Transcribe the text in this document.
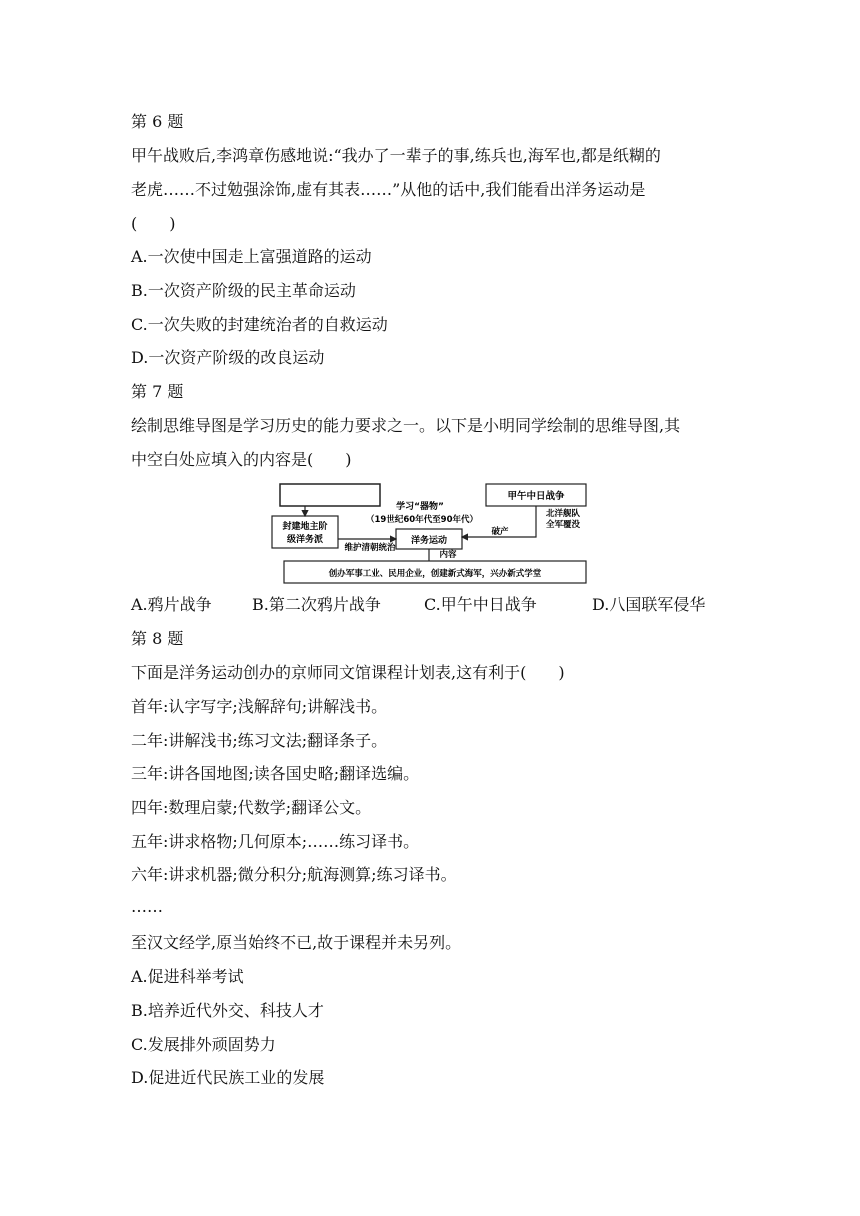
第 6 题
甲午战败后,李鸿章伤感地说:“我办了一辈子的事,练兵也,海军也,都是纸糊的
老虎……不过勉强涂饰,虚有其表……”从他的话中,我们能看出洋务运动是
(　　)
A.一次使中国走上富强道路的运动
B.一次资产阶级的民主革命运动
C.一次失败的封建统治者的自救运动
D.一次资产阶级的改良运动
第 7 题
绘制思维导图是学习历史的能力要求之一。以下是小明同学绘制的思维导图,其
中空白处应填入的内容是(　　)
封建地主阶
级洋务派
学习“器物”
（19世纪60年代至90年代）
甲午中日战争
北洋舰队
全军覆没
洋务运动
维护清朝统治
破产
内容
创办军事工业、民用企业，创建新式海军，兴办新式学堂
A.鸦片战争	B.第二次鸦片战争	C.甲午中日战争	D.八国联军侵华
第 8 题
下面是洋务运动创办的京师同文馆课程计划表,这有利于(　　)
首年:认字写字;浅解辞句;讲解浅书。
二年:讲解浅书;练习文法;翻译条子。
三年:讲各国地图;读各国史略;翻译选编。
四年:数理启蒙;代数学;翻译公文。
五年:讲求格物;几何原本;……练习译书。
六年:讲求机器;微分积分;航海测算;练习译书。
……
至汉文经学,原当始终不已,故于课程并未另列。
A.促进科举考试
B.培养近代外交、科技人才
C.发展排外顽固势力
D.促进近代民族工业的发展
